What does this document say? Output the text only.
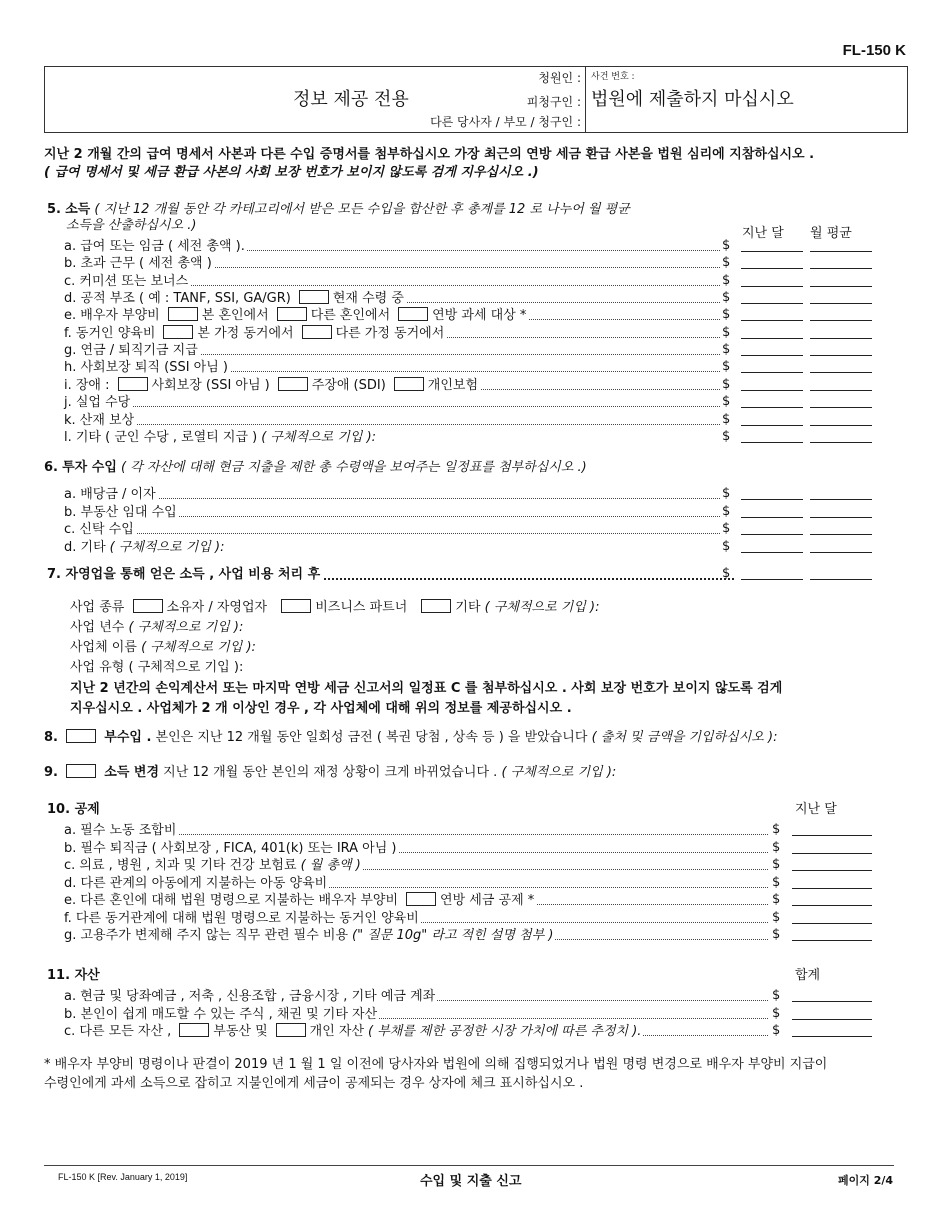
FL-150 K
청원인 :
피청구인 :
정보 제공 전용
다른 당사자 / 부모 / 청구인 :
사건 번호 :
법원에 제출하지 마십시오
지난 2 개월 간의 급여 명세서 사본과 다른 수입 증명서를 첨부하십시오 가장 최근의 연방 세금 환급 사본을 법원 심리에 지참하십시오 .
( 급여 명세서 및 세금 환급 사본의 사회 보장 번호가 보이지 않도록 검게 지우십시오 .)
5. 소득 ( 지난 12 개월 동안 각 카테고리에서 받은 모든 수입을 합산한 후 총계를 12 로 나누어 월 평균
소득을 산출하십시오 .)
지난 달 월 평균
a. 급여 또는 임금 ( 세전 총액 ).	$
b. 초과 근무 ( 세전 총액 )	$
c. 커미션 또는 보너스	$
d. 공적 부조 ( 예 : TANF, SSI, GA/GR)	현재 수령 중	$
e. 배우자 부양비	본 혼인에서	다른 혼인에서	연방 과세 대상 *	$
f. 동거인 양육비	본 가정 동거에서	다른 가정 동거에서	$
g. 연금 / 퇴직기금 지급	$
h. 사회보장 퇴직 (SSI 아님 )	$
i. 장애 :	사회보장 (SSI 아님 )	주장애 (SDI)	개인보험	$
j. 실업 수당	$
k. 산재 보상	$
l. 기타 ( 군인 수당 , 로열티 지급 ) ( 구체적으로 기입 ):	$
6. 투자 수입 ( 각 자산에 대해 현금 지출을 제한 총 수령액을 보여주는 일정표를 첨부하십시오 .)
a. 배당금 / 이자	$
b. 부동산 임대 수입	$
c. 신탁 수입	$
d. 기타 ( 구체적으로 기입 ):	$
7. 자영업을 통해 얻은 소득 , 사업 비용 처리 후	$
사업 종류	소유자 / 자영업자	비즈니스 파트너	기타 ( 구체적으로 기입 ):
사업 년수 ( 구체적으로 기입 ):
사업체 이름 ( 구체적으로 기입 ):
사업 유형 ( 구체적으로 기입 ):
지난 2 년간의 손익계산서 또는 마지막 연방 세금 신고서의 일정표 C 를 첨부하십시오 . 사회 보장 번호가 보이지 않도록 검게
지우십시오 . 사업체가 2 개 이상인 경우 , 각 사업체에 대해 위의 정보를 제공하십시오 .
8.	부수입 . 본인은 지난 12 개월 동안 일회성 금전 ( 복권 당첨 , 상속 등 ) 을 받았습니다 ( 출처 및 금액을 기입하십시오 ):
9.	소득 변경 지난 12 개월 동안 본인의 재정 상황이 크게 바뀌었습니다 . ( 구체적으로 기입 ):
10. 공제	지난 달
a. 필수 노동 조합비	$
b. 필수 퇴직금 ( 사회보장 , FICA, 401(k) 또는 IRA 아님 )	$
c. 의료 , 병원 , 치과 및 기타 건강 보험료 ( 월 총액 )	$
d. 다른 관계의 아동에게 지불하는 아동 양육비	$
e. 다른 혼인에 대해 법원 명령으로 지불하는 배우자 부양비	연방 세금 공제 *	$
f. 다른 동거관계에 대해 법원 명령으로 지불하는 동거인 양육비	$
g. 고용주가 변제해 주지 않는 직무 관련 필수 비용 (" 질문 10g" 라고 적힌 설명 첨부 )	$
11. 자산	합계
a. 현금 및 당좌예금 , 저축 , 신용조합 , 금융시장 , 기타 예금 계좌	$
b. 본인이 쉽게 매도할 수 있는 주식 , 채권 및 기타 자산	$
c. 다른 모든 자산 ,	부동산 및	개인 자산 ( 부채를 제한 공정한 시장 가치에 따른 추정치 ).	$
* 배우자 부양비 명령이나 판결이 2019 년 1 월 1 일 이전에 당사자와 법원에 의해 집행되었거나 법원 명령 변경으로 배우자 부양비 지급이
수령인에게 과세 소득으로 잡히고 지불인에게 세금이 공제되는 경우 상자에 체크 표시하십시오 .
FL-150 K [Rev. January 1, 2019]	수입 및 지출 신고	페이지 2/4
